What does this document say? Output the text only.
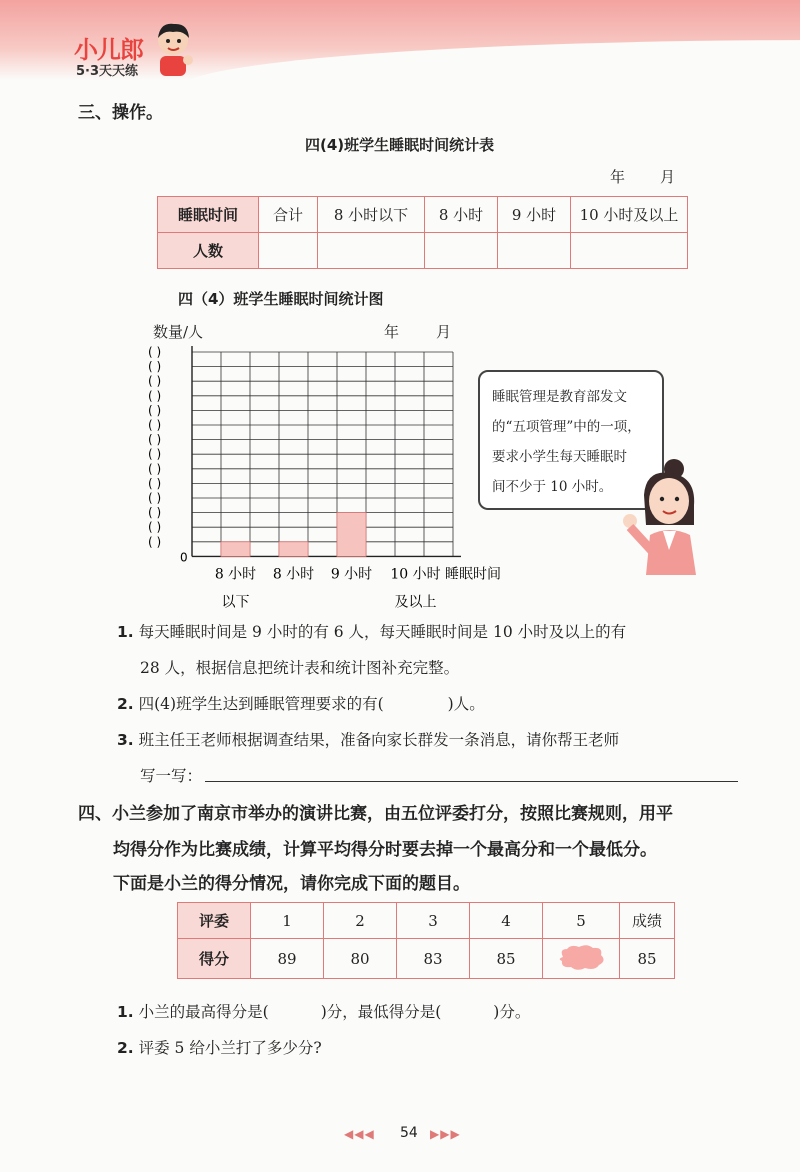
小儿郎
5·3天天练
三、操作。
四(4)班学生睡眠时间统计表
年 月
睡眠时间	合计	8 小时以下	8 小时	9 小时	10 小时及以上
人数					
四（4）班学生睡眠时间统计图
数量/人	年 月
( )
( )
( )
( )
( )
( )
( )
( )
( )
( )
( )
( )
( )
( )
0
8 小时
以下
8 小时 9 小时 10 小时
及以上
睡眠时间
睡眠管理是教育部发文
的“五项管理”中的一项，
要求小学生每天睡眠时
间不少于 10 小时。
1. 每天睡眠时间是 9 小时的有 6 人，每天睡眠时间是 10 小时及以上的有
28 人，根据信息把统计表和统计图补充完整。
2. 四(4)班学生达到睡眠管理要求的有(	)人。
3. 班主任王老师根据调查结果，准备向家长群发一条消息，请你帮王老师
写一写：
四、小兰参加了南京市举办的演讲比赛，由五位评委打分，按照比赛规则，用平
均得分作为比赛成绩，计算平均得分时要去掉一个最高分和一个最低分。
下面是小兰的得分情况，请你完成下面的题目。
评委	1	2	3	4	5	成绩
得分	89	80	83	85		85
1. 小兰的最高得分是(	)分，最低得分是(	)分。
2. 评委 5 给小兰打了多少分?
◀◀◀ 54 ▶▶▶
